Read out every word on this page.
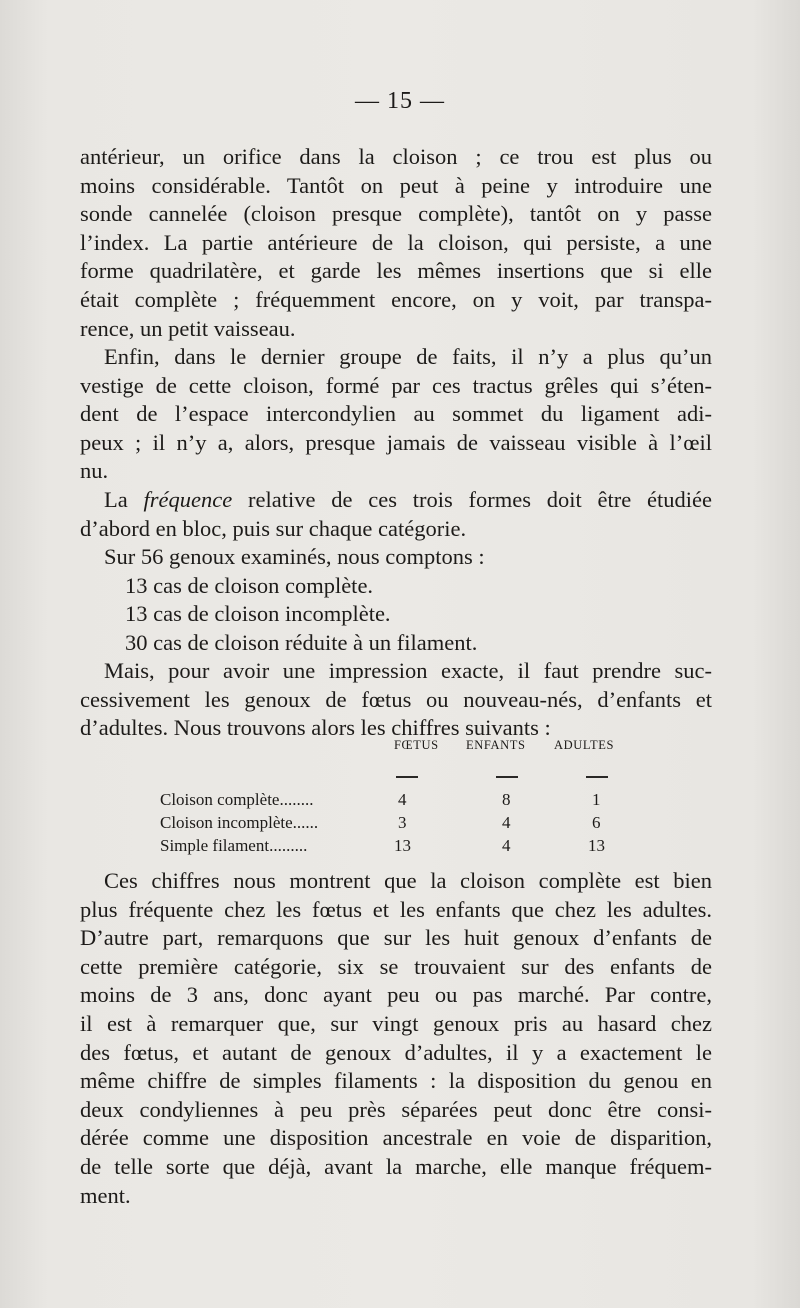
— 15 —
antérieur, un orifice dans la cloison ; ce trou est plus ou
moins considérable. Tantôt on peut à peine y introduire une
sonde cannelée (cloison presque complète), tantôt on y passe
l’index. La partie antérieure de la cloison, qui persiste, a une
forme quadrilatère, et garde les mêmes insertions que si elle
était complète ; fréquemment encore, on y voit, par transpa-
rence, un petit vaisseau.
Enfin, dans le dernier groupe de faits, il n’y a plus qu’un
vestige de cette cloison, formé par ces tractus grêles qui s’éten-
dent de l’espace intercondylien au sommet du ligament adi-
peux ; il n’y a, alors, presque jamais de vaisseau visible à l’œil
nu.
La fréquence relative de ces trois formes doit être étudiée
d’abord en bloc, puis sur chaque catégorie.
Sur 56 genoux examinés, nous comptons :
13 cas de cloison complète.
13 cas de cloison incomplète.
30 cas de cloison réduite à un filament.
Mais, pour avoir une impression exacte, il faut prendre suc-
cessivement les genoux de fœtus ou nouveau-nés, d’enfants et
d’adultes. Nous trouvons alors les chiffres suivants :
FŒTUS ENFANTS ADULTES
Cloison complète........	4	8	1
Cloison incomplète......	3	4	6
Simple filament.........	13	4	13
Ces chiffres nous montrent que la cloison complète est bien
plus fréquente chez les fœtus et les enfants que chez les adultes.
D’autre part, remarquons que sur les huit genoux d’enfants de
cette première catégorie, six se trouvaient sur des enfants de
moins de 3 ans, donc ayant peu ou pas marché. Par contre,
il est à remarquer que, sur vingt genoux pris au hasard chez
des fœtus, et autant de genoux d’adultes, il y a exactement le
même chiffre de simples filaments : la disposition du genou en
deux condyliennes à peu près séparées peut donc être consi-
dérée comme une disposition ancestrale en voie de disparition,
de telle sorte que déjà, avant la marche, elle manque fréquem-
ment.
